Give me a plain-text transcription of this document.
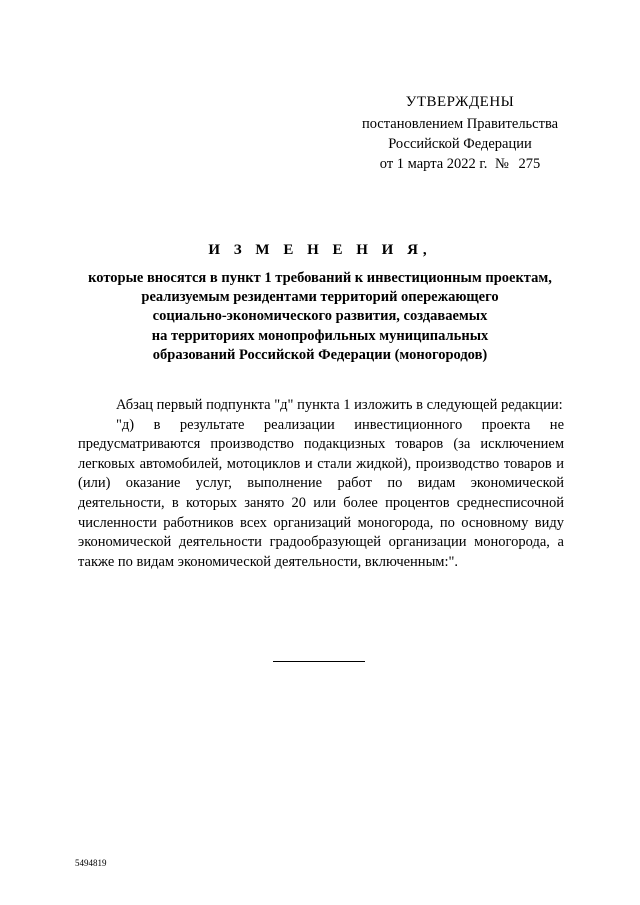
УТВЕРЖДЕНЫ
постановлением Правительства
Российской Федерации
от 1 марта 2022 г. № 275
И З М Е Н Е Н И Я,
которые вносятся в пункт 1 требований к инвестиционным проектам,
реализуемым резидентами территорий опережающего
социально-экономического развития, создаваемых
на территориях монопрофильных муниципальных
образований Российской Федерации (моногородов)

Абзац первый подпункта "д" пункта 1 изложить в следующей редакции:

"д) в результате реализации инвестиционного проекта не предусматриваются производство подакцизных товаров (за исключением легковых автомобилей, мотоциклов и стали жидкой), производство товаров и (или) оказание услуг, выполнение работ по видам экономической деятельности, в которых занято 20 или более процентов среднесписочной численности работников всех организаций моногорода, по основному виду экономической деятельности градообразующей организации моногорода, а также по видам экономической деятельности, включенным:".

5494819
